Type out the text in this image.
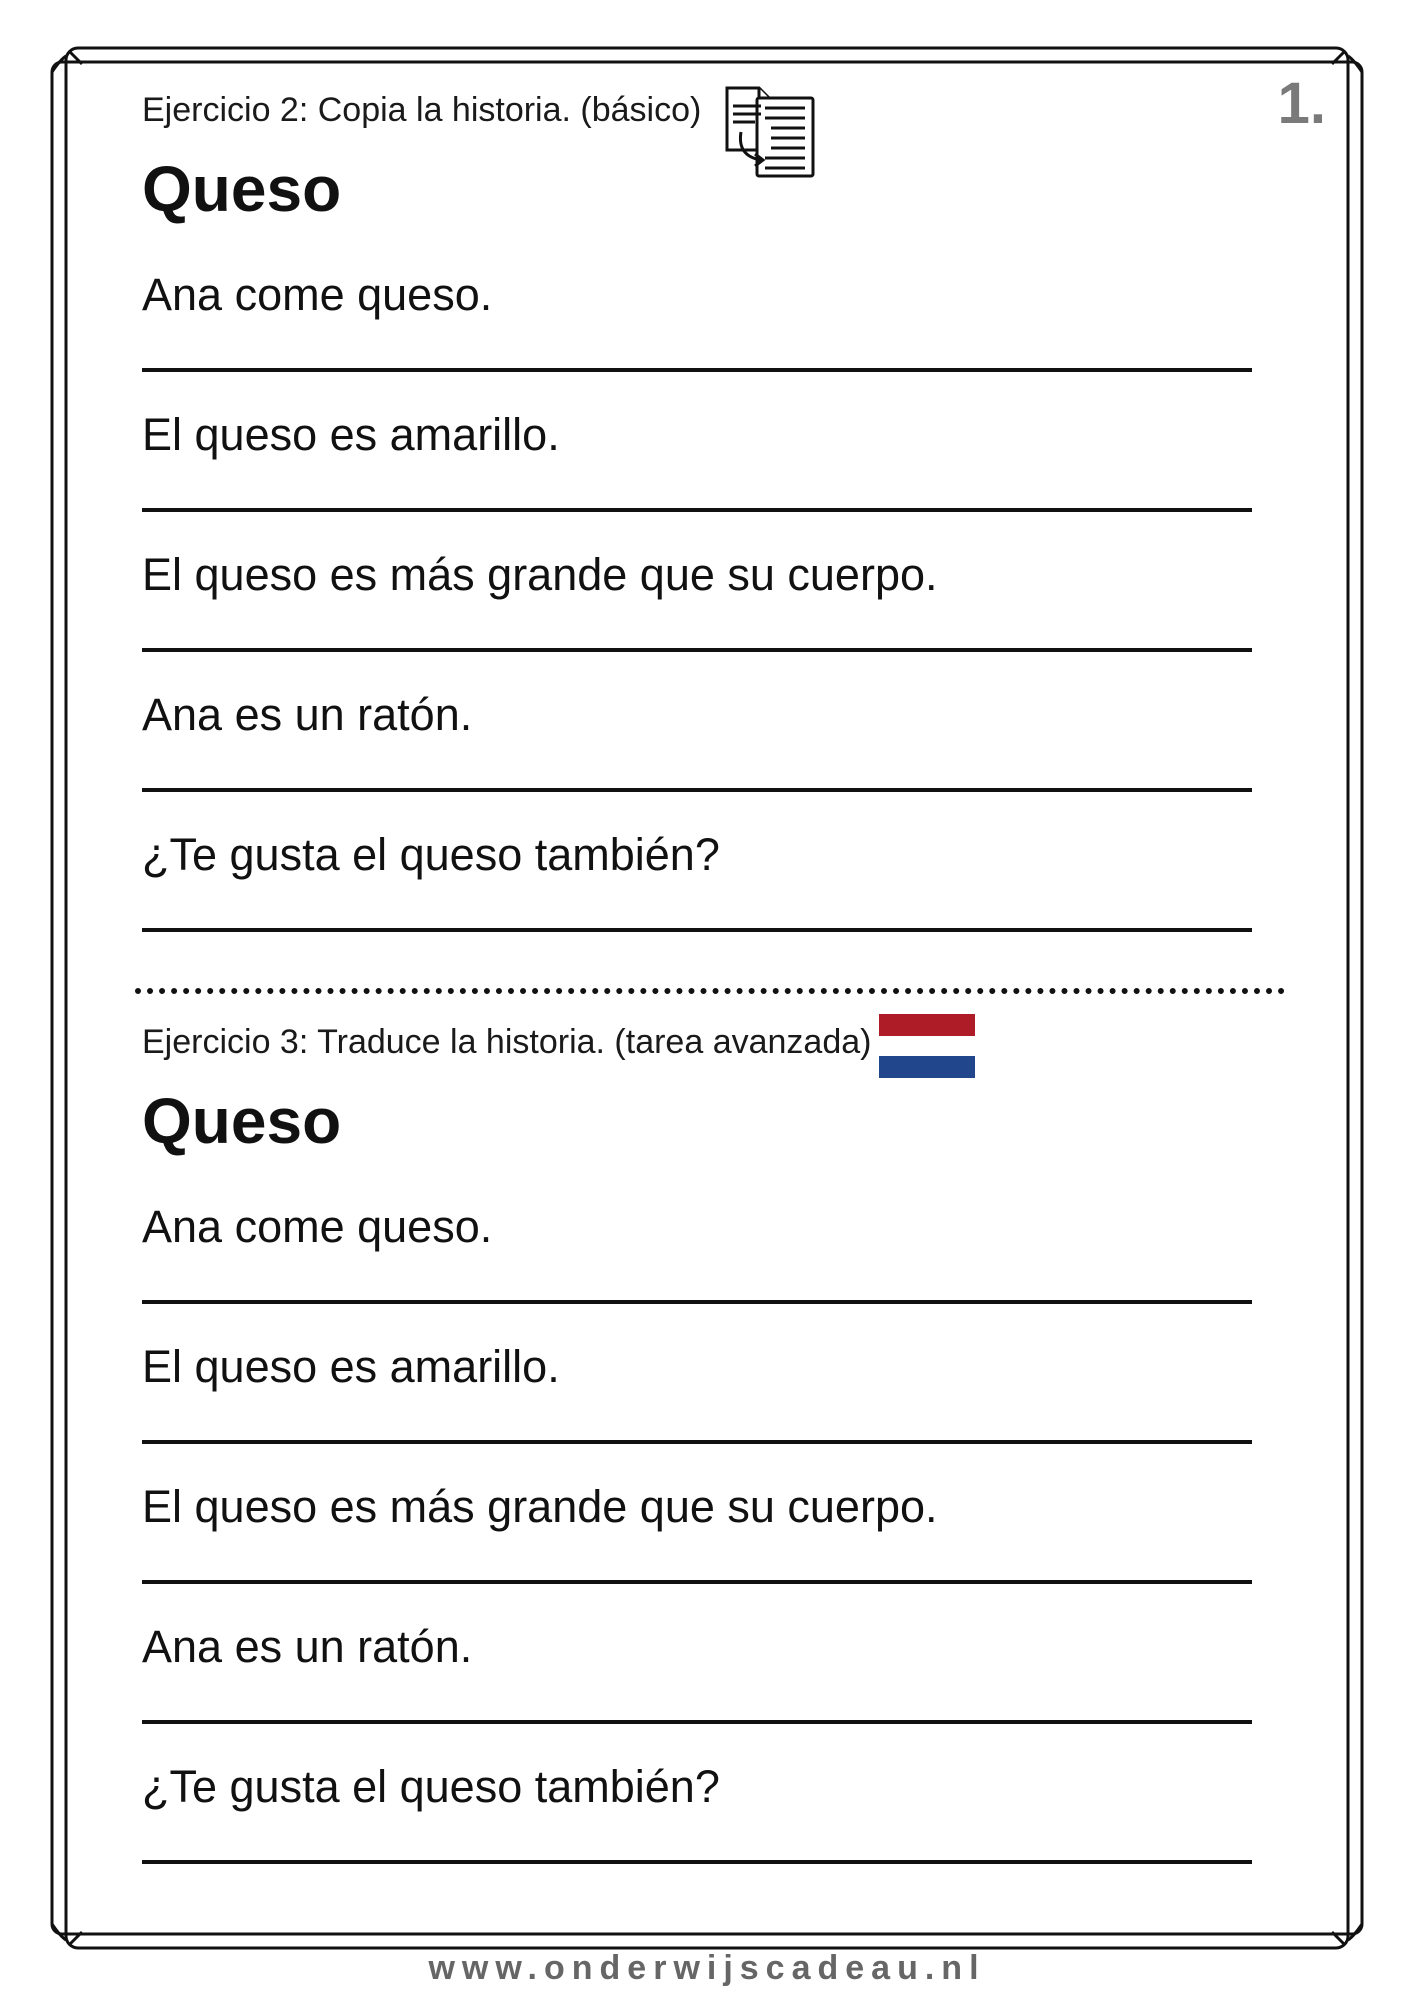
1.
Ejercicio 2: Copia la historia. (básico)
Queso
Ana come queso.
El queso es amarillo.
El queso es más grande que su cuerpo.
Ana es un ratón.
¿Te gusta el queso también?
Ejercicio 3: Traduce la historia. (tarea avanzada)
Queso
Ana come queso.
El queso es amarillo.
El queso es más grande que su cuerpo.
Ana es un ratón.
¿Te gusta el queso también?
www.onderwijscadeau.nl
